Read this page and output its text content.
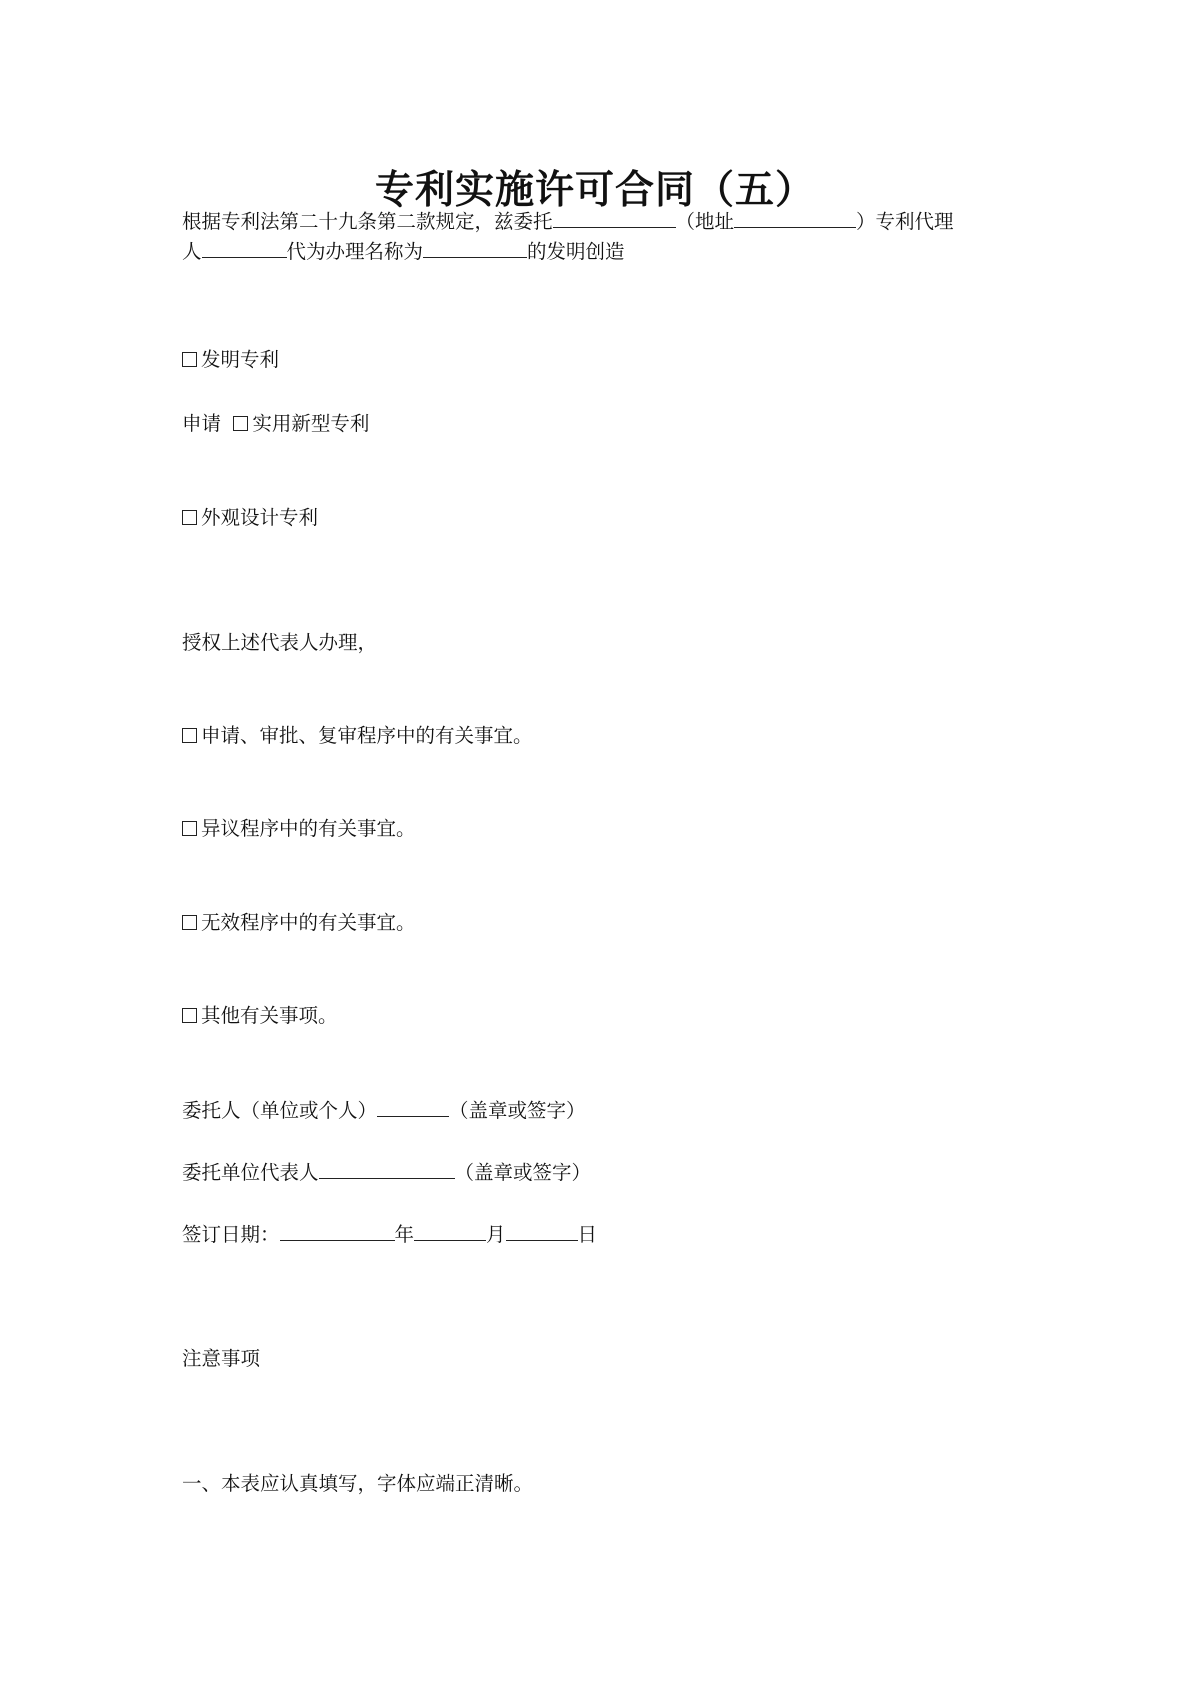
专利实施许可合同（五）
根据专利法第二十九条第二款规定，兹委托	（地址	）专利代理
人	代为办理名称为	的发明创造
发明专利
申请 实用新型专利
外观设计专利
授权上述代表人办理，
申请、审批、复审程序中的有关事宜。
异议程序中的有关事宜。
无效程序中的有关事宜。
其他有关事项。
委托人（单位或个人）	（盖章或签字）
委托单位代表人	（盖章或签字）
签订日期：	年	月	日
注意事项
一、本表应认真填写，字体应端正清晰。
